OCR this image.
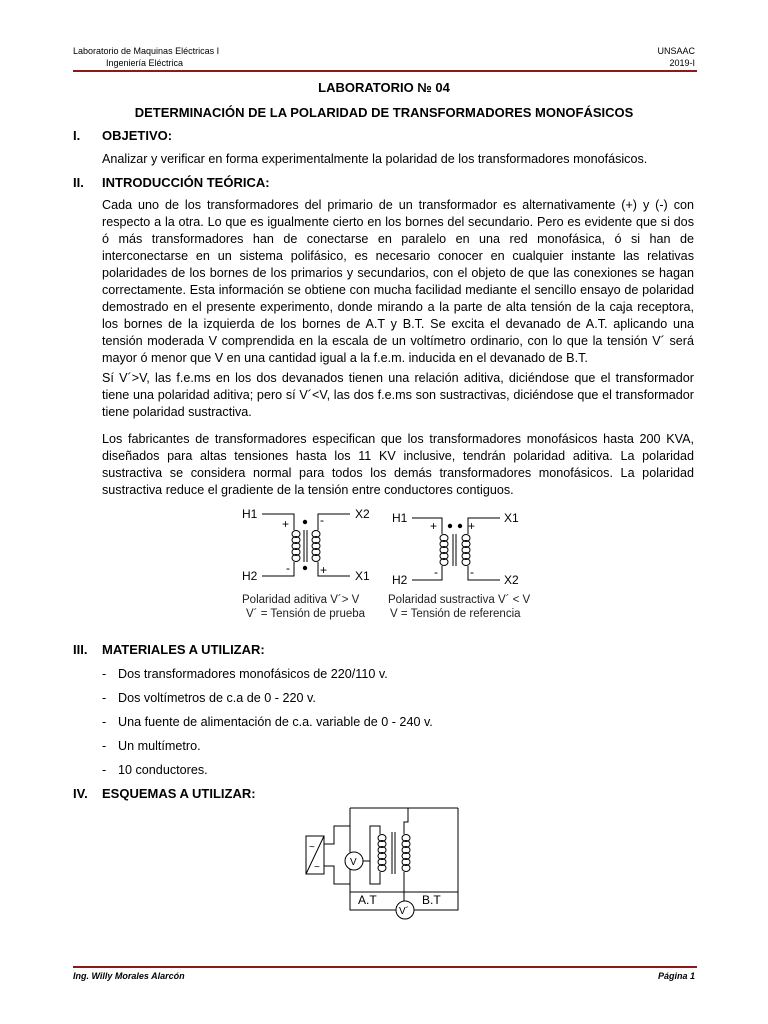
Laboratorio de Maquinas Eléctricas I
Ingeniería Eléctrica
UNSAAC
2019-I
LABORATORIO № 04
DETERMINACIÓN DE LA POLARIDAD DE TRANSFORMADORES MONOFÁSICOS
I. OBJETIVO:
Analizar y verificar en forma experimentalmente la polaridad de los transformadores monofásicos.
II. INTRODUCCIÓN TEÓRICA:
Cada uno de los transformadores del primario de un transformador es alternativamente (+) y (-) con respecto a la otra. Lo que es igualmente cierto en los bornes del secundario. Pero es evidente que si dos ó más transformadores han de conectarse en paralelo en una red monofásica, ó si han de interconectarse en un sistema polifásico, es necesario conocer en cualquier instante las relativas polaridades de los bornes de los primarios y secundarios, con el objeto de que las conexiones se hagan correctamente. Esta información se obtiene con mucha facilidad mediante el sencillo ensayo de polaridad demostrado en el presente experimento, donde mirando a la parte de alta tensión de la caja receptora, los bornes de la izquierda de los bornes de A.T y B.T. Se excita el devanado de A.T. aplicando una tensión moderada V comprendida en la escala de un voltímetro ordinario, con lo que la tensión V´ será mayor ó menor que V en una cantidad igual a la f.e.m. inducida en el devanado de B.T.
Sí V´>V, las f.e.ms en los dos devanados tienen una relación aditiva, diciéndose que el transformador tiene una polaridad aditiva; pero sí V´<V, las dos f.e.ms son sustractivas, diciéndose que el transformador tiene polaridad sustractiva.
Los fabricantes de transformadores especifican que los transformadores monofásicos hasta 200 KVA, diseñados para altas tensiones hasta los 11 KV inclusive, tendrán polaridad aditiva. La polaridad sustractiva se considera normal para todos los demás transformadores monofásicos. La polaridad sustractiva reduce el gradiente de la tensión entre conductores contiguos.
H1
H2
X2
X1
+	-
-	+
Polaridad aditiva V´> V
V´ = Tensión de prueba
H1
H2
X1
X2
+	+
-	-
Polaridad sustractiva V´ < V
V = Tensión de referencia
III. MATERIALES A UTILIZAR:
- Dos transformadores monofásicos de 220/110 v.
- Dos voltímetros de c.a de 0 - 220 v.
- Una fuente de alimentación de c.a. variable de 0 - 240 v.
- Un multímetro.
- 10 conductores.
IV. ESQUEMAS A UTILIZAR:
~
~	V
A.T	B.T
V´
Ing. Willy Morales Alarcón	Página 1
